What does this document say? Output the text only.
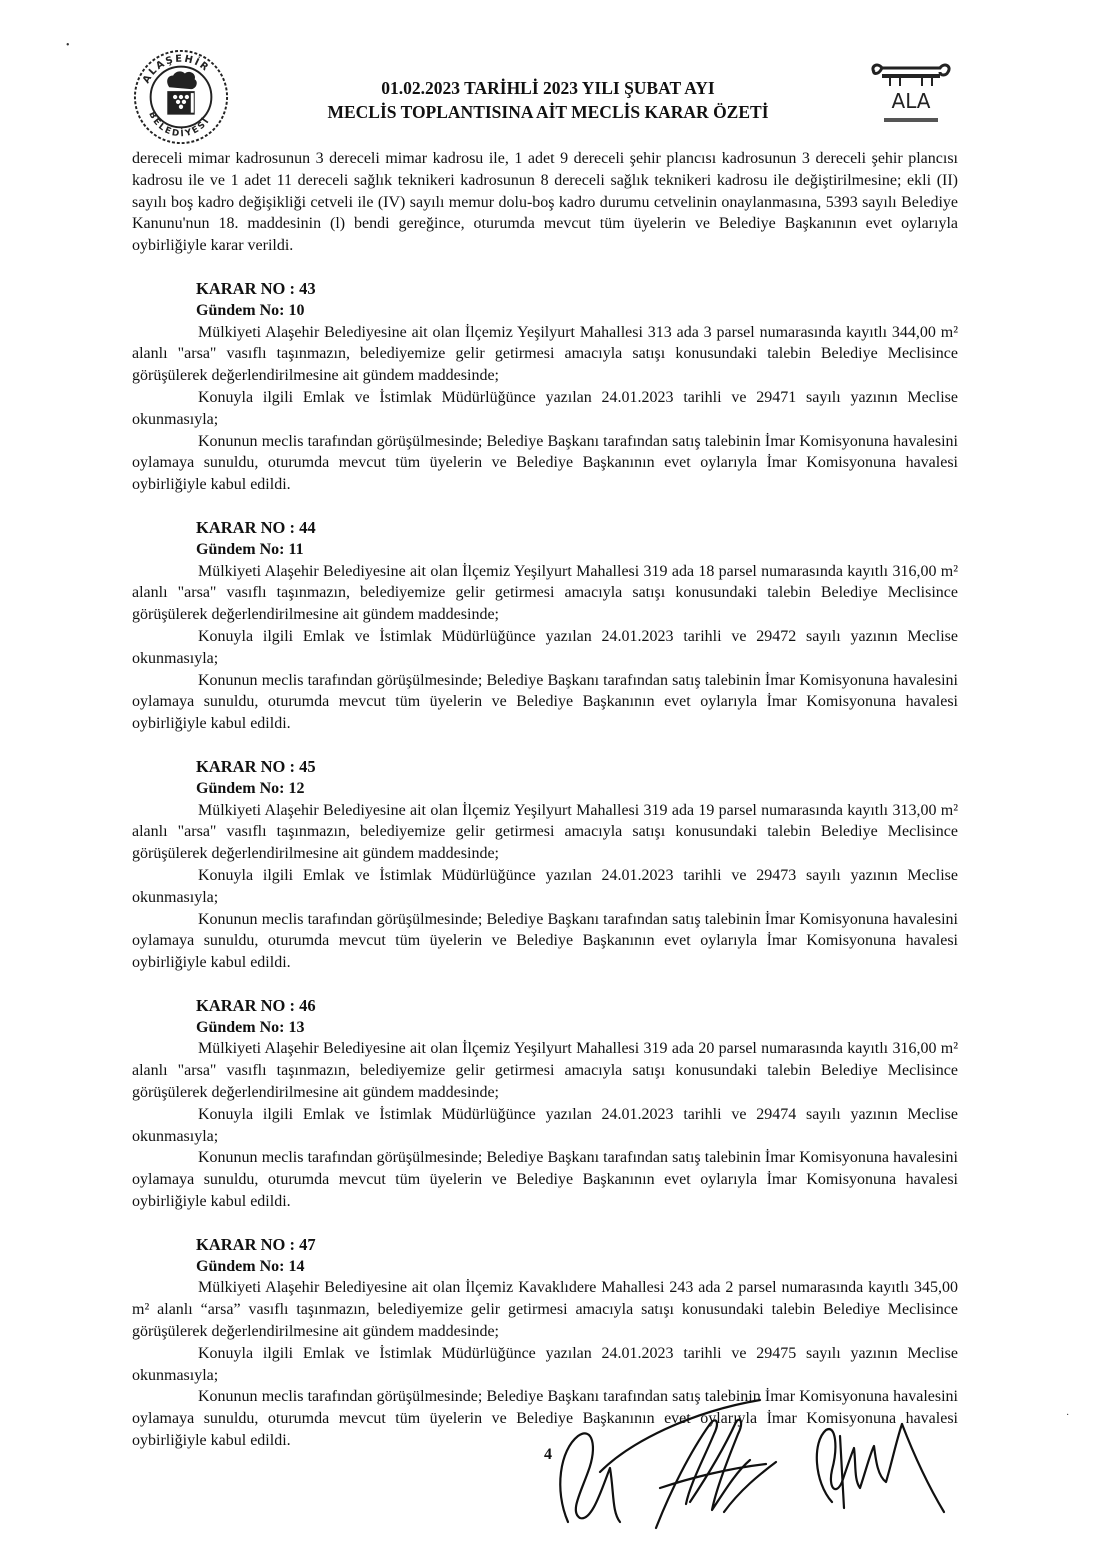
ALAŞEHİR
BELEDİYESİ
ALA
01.02.2023 TARİHLİ 2023 YILI ŞUBAT AYI
MECLİS TOPLANTISINA AİT MECLİS KARAR ÖZETİ

dereceli mimar kadrosunun 3 dereceli mimar kadrosu ile, 1 adet 9 dereceli şehir plancısı kadrosunun 3 dereceli şehir plancısı kadrosu ile ve 1 adet 11 dereceli sağlık teknikeri kadrosunun 8 dereceli sağlık teknikeri kadrosu ile değiştirilmesine; ekli (II) sayılı boş kadro değişikliği cetveli ile (IV) sayılı memur dolu-boş kadro durumu cetvelinin onaylanmasına, 5393 sayılı Belediye Kanunu'nun 18. maddesinin (l) bendi gereğince, oturumda mevcut tüm üyelerin ve Belediye Başkanının evet oylarıyla oybirliğiyle karar verildi.

KARAR NO : 43
Gündem No: 10

Mülkiyeti Alaşehir Belediyesine ait olan İlçemiz Yeşilyurt Mahallesi 313 ada 3 parsel numarasında kayıtlı 344,00 m² alanlı "arsa" vasıflı taşınmazın, belediyemize gelir getirmesi amacıyla satışı konusundaki talebin Belediye Meclisince görüşülerek değerlendirilmesine ait gündem maddesinde;

Konuyla ilgili Emlak ve İstimlak Müdürlüğünce yazılan 24.01.2023 tarihli ve 29471 sayılı yazının Meclise okunmasıyla;

Konunun meclis tarafından görüşülmesinde; Belediye Başkanı tarafından satış talebinin İmar Komisyonuna havalesini oylamaya sunuldu, oturumda mevcut tüm üyelerin ve Belediye Başkanının evet oylarıyla İmar Komisyonuna havalesi oybirliğiyle kabul edildi.

KARAR NO : 44
Gündem No: 11

Mülkiyeti Alaşehir Belediyesine ait olan İlçemiz Yeşilyurt Mahallesi 319 ada 18 parsel numarasında kayıtlı 316,00 m² alanlı "arsa" vasıflı taşınmazın, belediyemize gelir getirmesi amacıyla satışı konusundaki talebin Belediye Meclisince görüşülerek değerlendirilmesine ait gündem maddesinde;

Konuyla ilgili Emlak ve İstimlak Müdürlüğünce yazılan 24.01.2023 tarihli ve 29472 sayılı yazının Meclise okunmasıyla;

Konunun meclis tarafından görüşülmesinde; Belediye Başkanı tarafından satış talebinin İmar Komisyonuna havalesini oylamaya sunuldu, oturumda mevcut tüm üyelerin ve Belediye Başkanının evet oylarıyla İmar Komisyonuna havalesi oybirliğiyle kabul edildi.

KARAR NO : 45
Gündem No: 12

Mülkiyeti Alaşehir Belediyesine ait olan İlçemiz Yeşilyurt Mahallesi 319 ada 19 parsel numarasında kayıtlı 313,00 m² alanlı "arsa" vasıflı taşınmazın, belediyemize gelir getirmesi amacıyla satışı konusundaki talebin Belediye Meclisince görüşülerek değerlendirilmesine ait gündem maddesinde;

Konuyla ilgili Emlak ve İstimlak Müdürlüğünce yazılan 24.01.2023 tarihli ve 29473 sayılı yazının Meclise okunmasıyla;

Konunun meclis tarafından görüşülmesinde; Belediye Başkanı tarafından satış talebinin İmar Komisyonuna havalesini oylamaya sunuldu, oturumda mevcut tüm üyelerin ve Belediye Başkanının evet oylarıyla İmar Komisyonuna havalesi oybirliğiyle kabul edildi.

KARAR NO : 46
Gündem No: 13

Mülkiyeti Alaşehir Belediyesine ait olan İlçemiz Yeşilyurt Mahallesi 319 ada 20 parsel numarasında kayıtlı 316,00 m² alanlı "arsa" vasıflı taşınmazın, belediyemize gelir getirmesi amacıyla satışı konusundaki talebin Belediye Meclisince görüşülerek değerlendirilmesine ait gündem maddesinde;

Konuyla ilgili Emlak ve İstimlak Müdürlüğünce yazılan 24.01.2023 tarihli ve 29474 sayılı yazının Meclise okunmasıyla;

Konunun meclis tarafından görüşülmesinde; Belediye Başkanı tarafından satış talebinin İmar Komisyonuna havalesini oylamaya sunuldu, oturumda mevcut tüm üyelerin ve Belediye Başkanının evet oylarıyla İmar Komisyonuna havalesi oybirliğiyle kabul edildi.

KARAR NO : 47
Gündem No: 14

Mülkiyeti Alaşehir Belediyesine ait olan İlçemiz Kavaklıdere Mahallesi 243 ada 2 parsel numarasında kayıtlı 345,00 m² alanlı “arsa” vasıflı taşınmazın, belediyemize gelir getirmesi amacıyla satışı konusundaki talebin Belediye Meclisince görüşülerek değerlendirilmesine ait gündem maddesinde;

Konuyla ilgili Emlak ve İstimlak Müdürlüğünce yazılan 24.01.2023 tarihli ve 29475 sayılı yazının Meclise okunmasıyla;

Konunun meclis tarafından görüşülmesinde; Belediye Başkanı tarafından satış talebinin İmar Komisyonuna havalesini oylamaya sunuldu, oturumda mevcut tüm üyelerin ve Belediye Başkanının evet oylarıyla İmar Komisyonuna havalesi oybirliğiyle kabul edildi.

4
•
·
